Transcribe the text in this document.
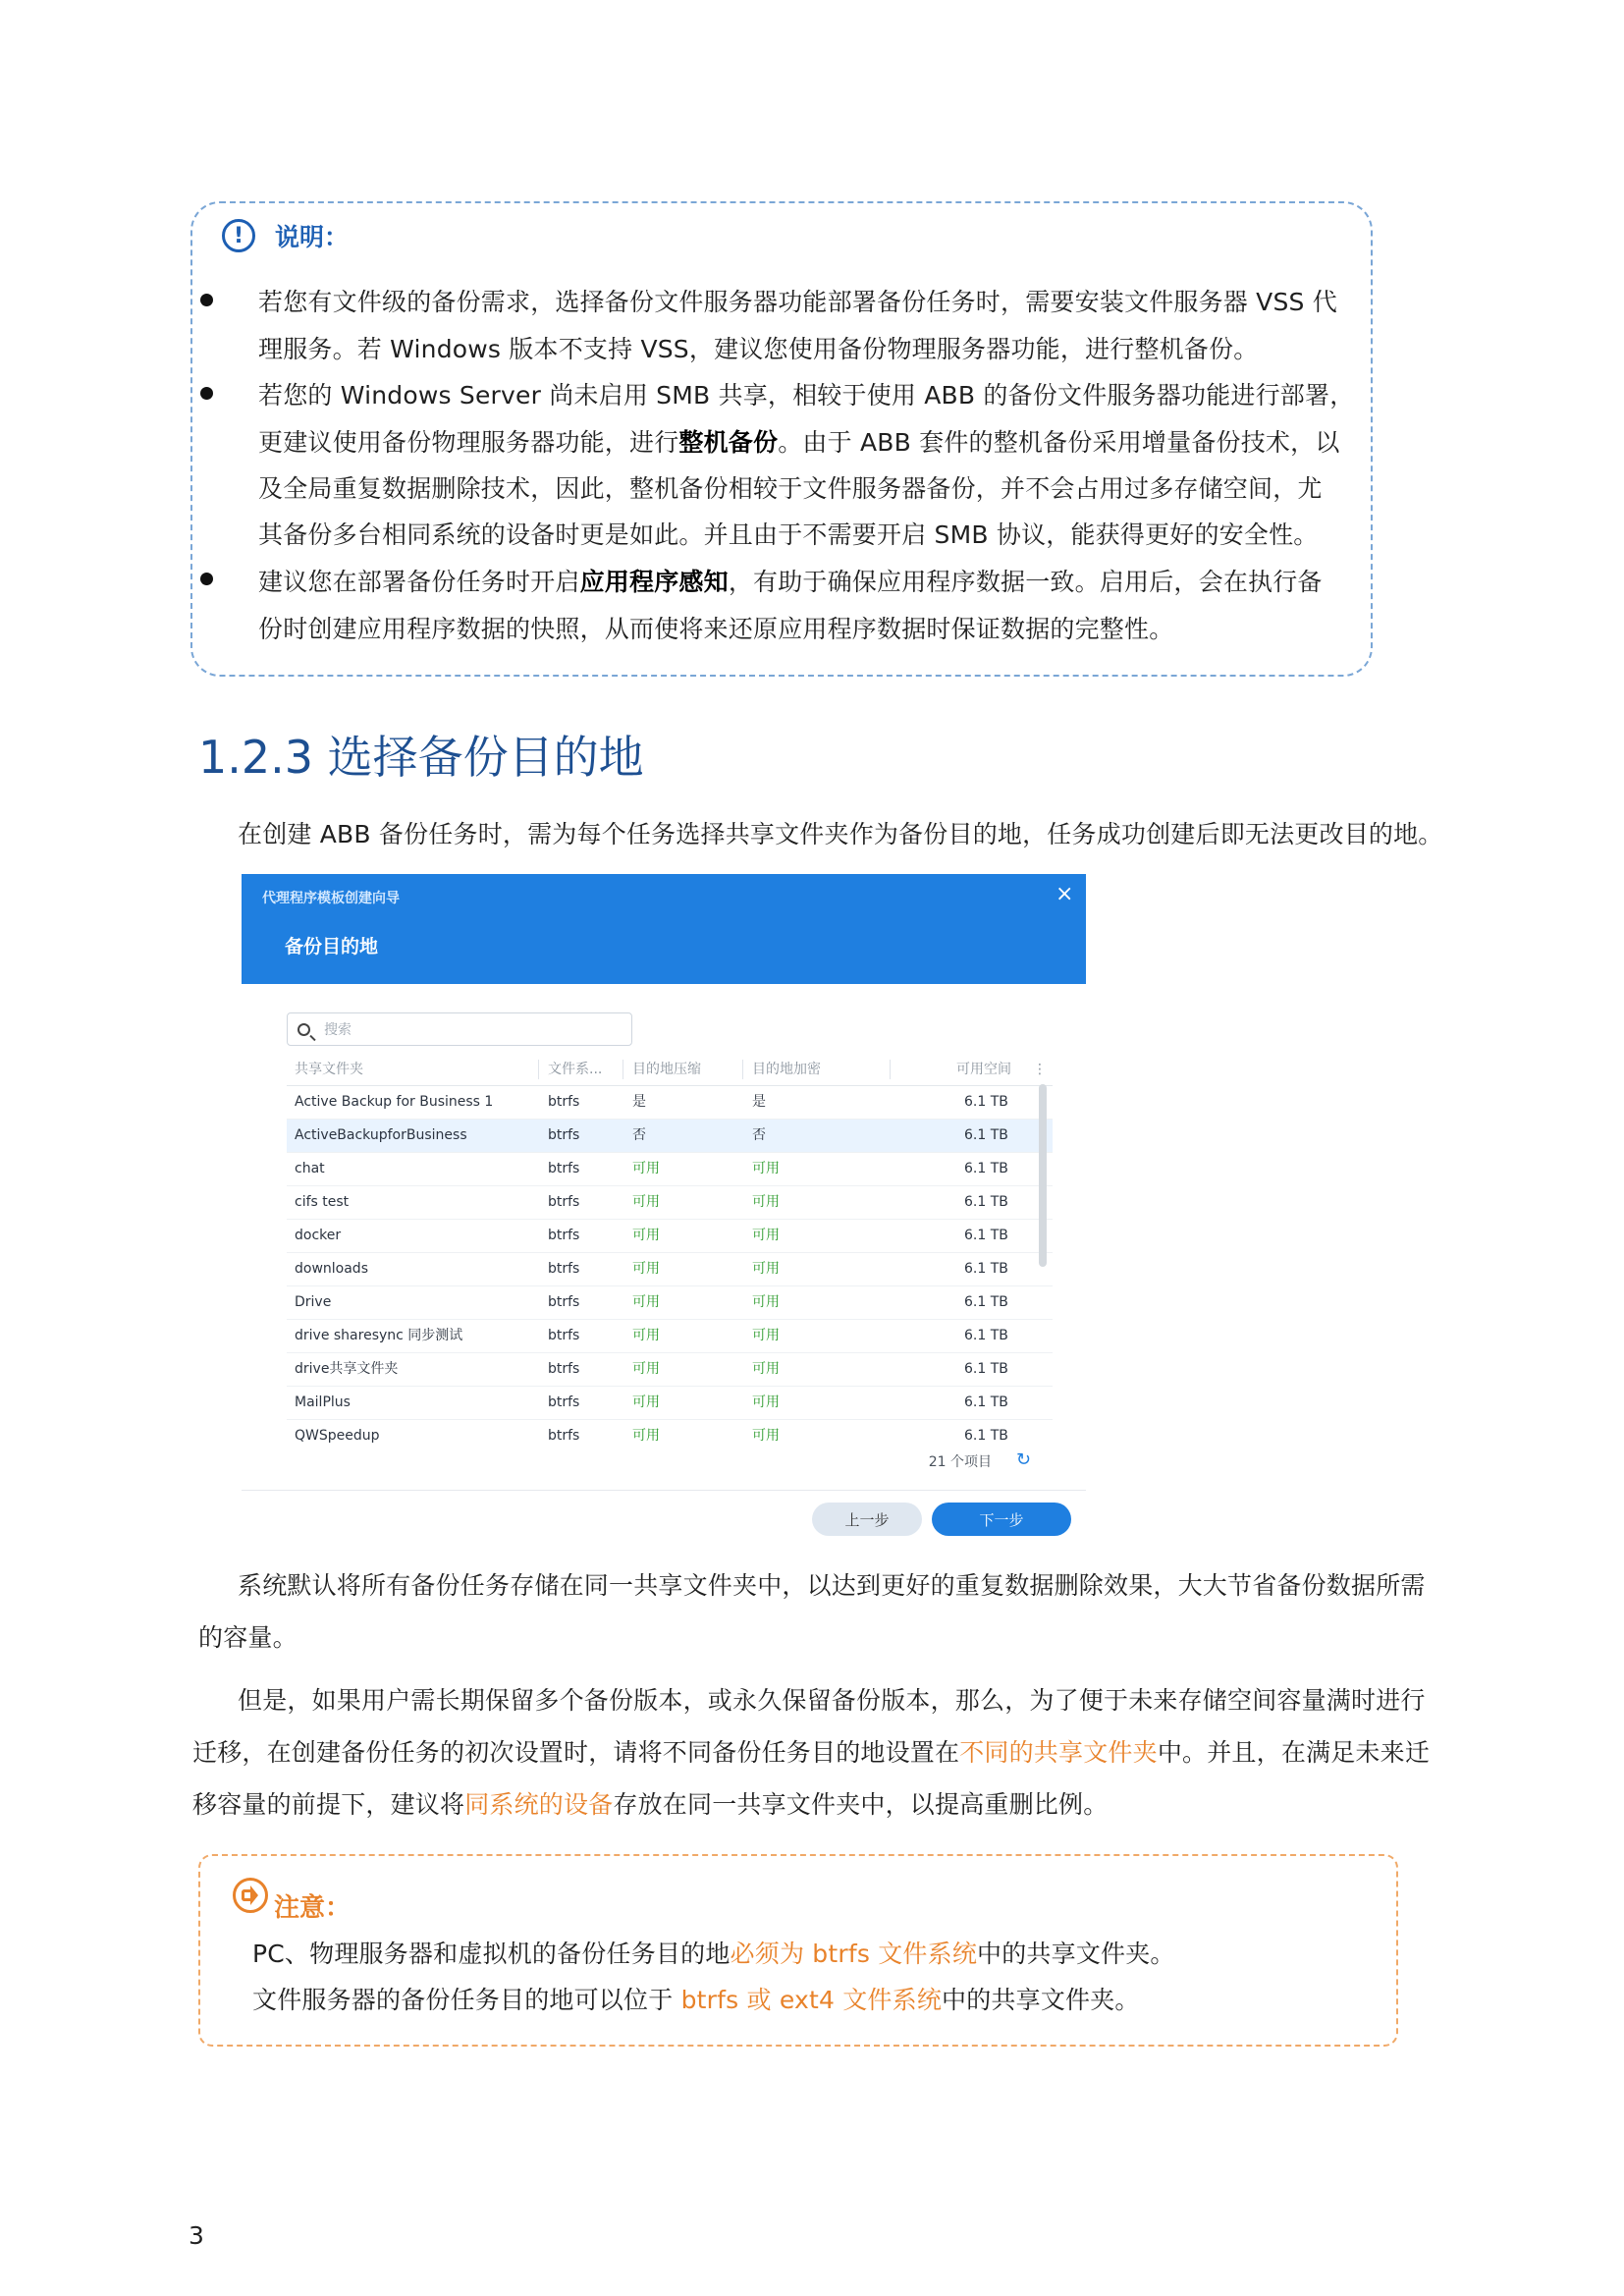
!	说明：
若您有文件级的备份需求，选择备份文件服务器功能部署备份任务时，需要安装文件服务器 VSS 代
理服务。若 Windows 版本不支持 VSS，建议您使用备份物理服务器功能，进行整机备份。
若您的 Windows Server 尚未启用 SMB 共享，相较于使用 ABB 的备份文件服务器功能进行部署，
更建议使用备份物理服务器功能，进行整机备份。由于 ABB 套件的整机备份采用增量备份技术，以
及全局重复数据删除技术，因此，整机备份相较于文件服务器备份，并不会占用过多存储空间，尤
其备份多台相同系统的设备时更是如此。并且由于不需要开启 SMB 协议，能获得更好的安全性。
建议您在部署备份任务时开启应用程序感知，有助于确保应用程序数据一致。启用后，会在执行备
份时创建应用程序数据的快照，从而使将来还原应用程序数据时保证数据的完整性。
1.2.3 选择备份目的地
在创建 ABB 备份任务时，需为每个任务选择共享文件夹作为备份目的地，任务成功创建后即无法更改目的地。
代理程序模板创建向导
备份目的地
×
搜索
共享文件夹	文件系... 目的地压缩	目的地加密	可用空间 ⋮
Active Backup for Business 1	btrfs	是	是	6.1 TB
ActiveBackupforBusiness	btrfs	否	否	6.1 TB
chat	btrfs	可用	可用	6.1 TB
cifs test	btrfs	可用	可用	6.1 TB
docker	btrfs	可用	可用	6.1 TB
downloads	btrfs	可用	可用	6.1 TB
Drive	btrfs	可用	可用	6.1 TB
drive sharesync 同步测试	btrfs	可用	可用	6.1 TB
drive共享文件夹	btrfs	可用	可用	6.1 TB
MailPlus	btrfs	可用	可用	6.1 TB
QWSpeedup	btrfs	可用	可用	6.1 TB
21 个项目 ↻
上一步	下一步
系统默认将所有备份任务存储在同一共享文件夹中，以达到更好的重复数据删除效果，大大节省备份数据所需
的容量。
但是，如果用户需长期保留多个备份版本，或永久保留备份版本，那么，为了便于未来存储空间容量满时进行
迁移，在创建备份任务的初次设置时，请将不同备份任务目的地设置在不同的共享文件夹中。并且，在满足未来迁
移容量的前提下，建议将同系统的设备存放在同一共享文件夹中，以提高重删比例。
注意：
PC、物理服务器和虚拟机的备份任务目的地必须为 btrfs 文件系统中的共享文件夹。
文件服务器的备份任务目的地可以位于 btrfs 或 ext4 文件系统中的共享文件夹。
3
